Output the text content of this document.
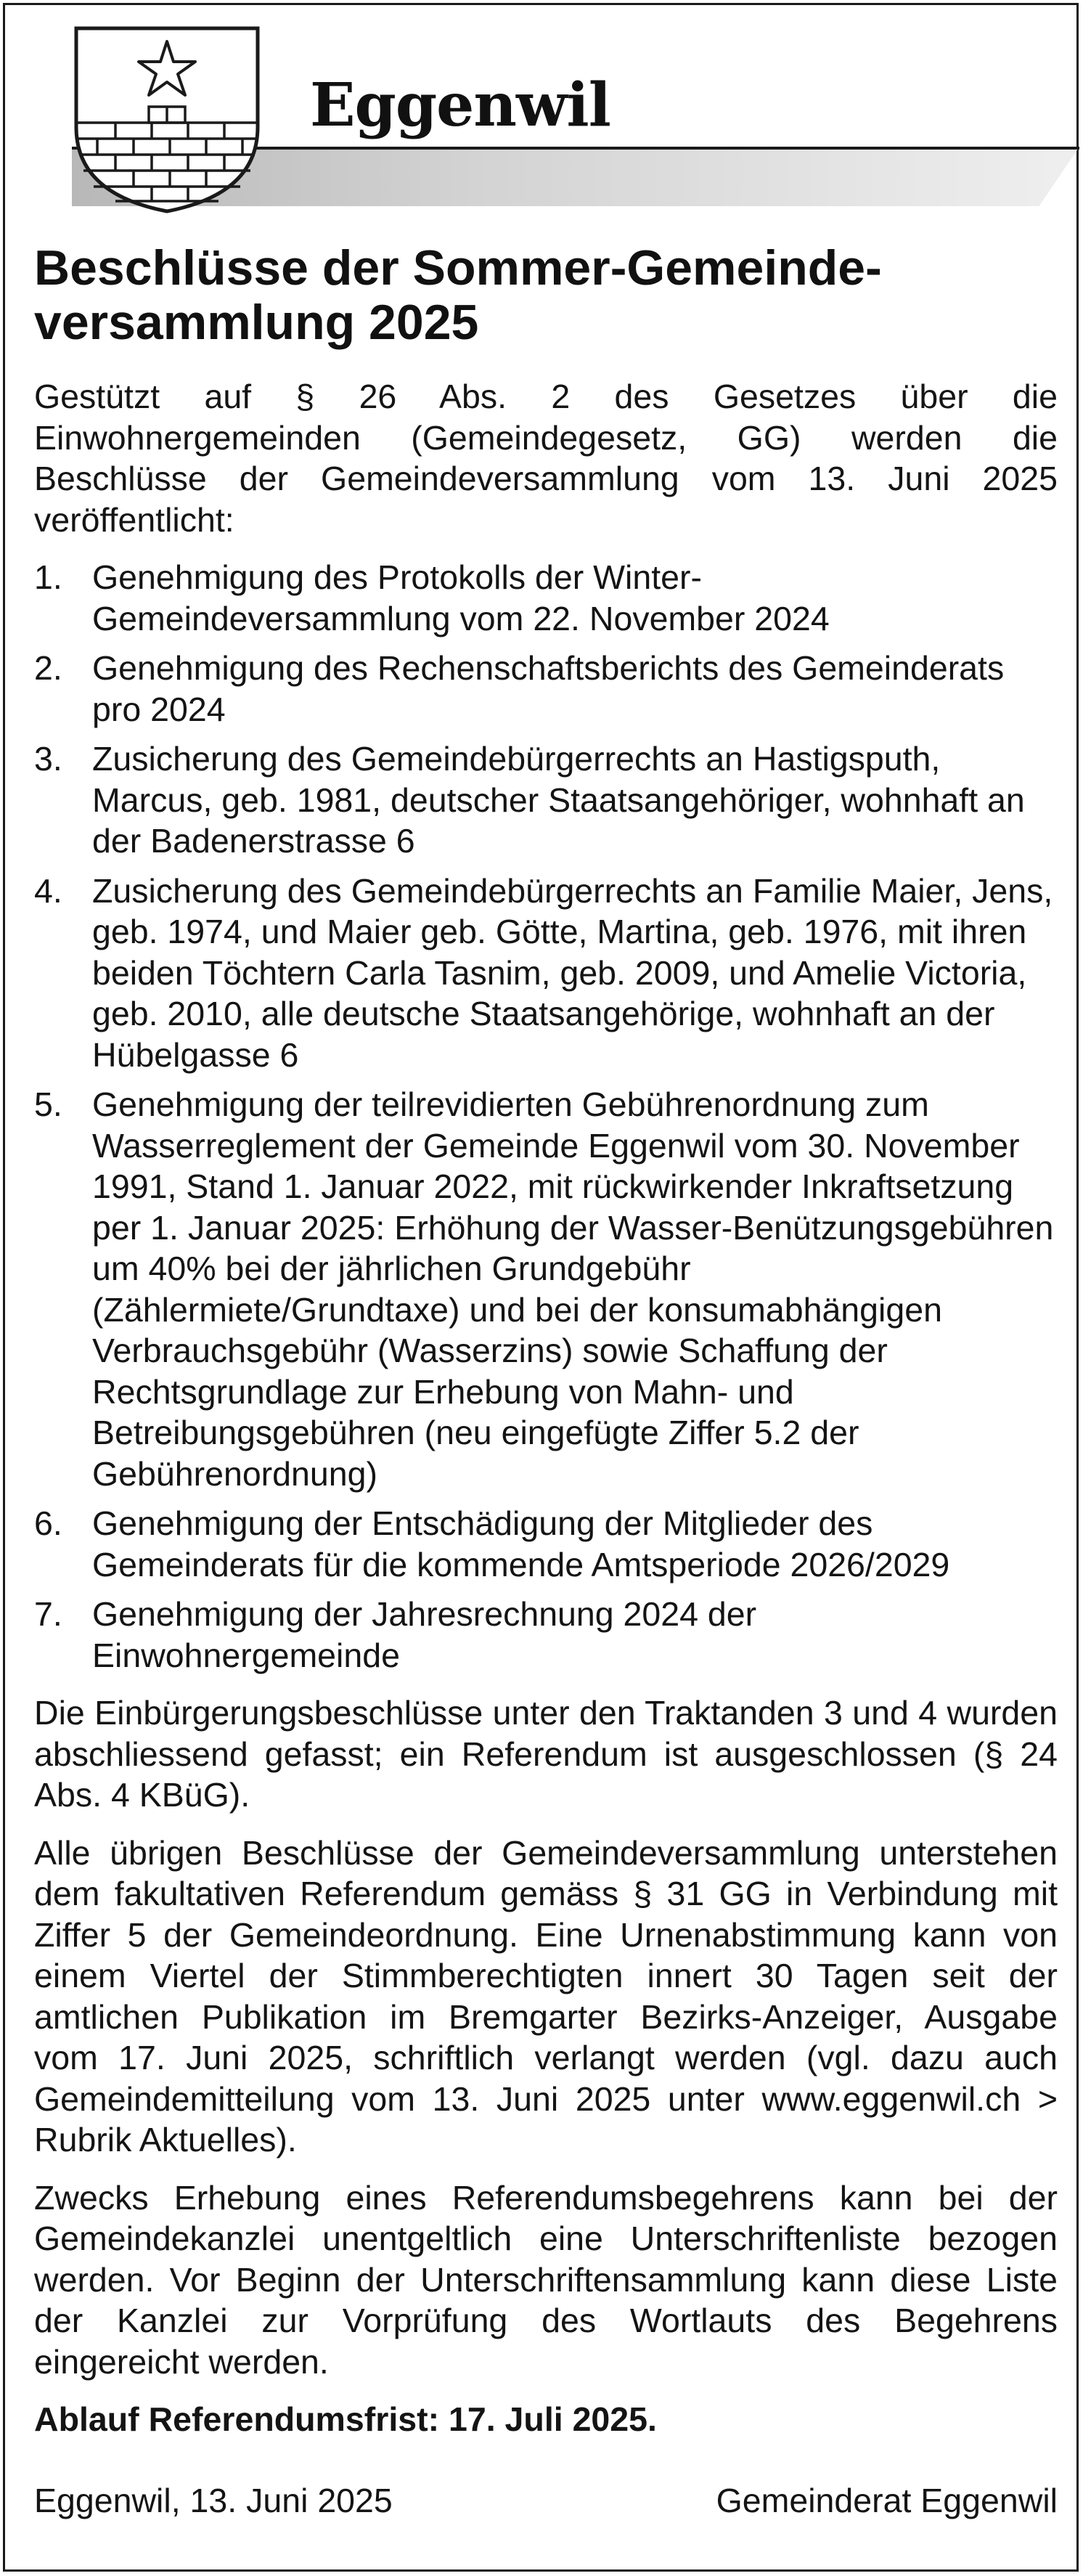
Eggenwil
Beschlüsse der Sommer-Gemeinde-
versammlung 2025

Gestützt auf § 26 Abs. 2 des Gesetzes über die Einwohnergemeinden (Gemeindegesetz, GG) werden die Beschlüsse der Gemeindeversammlung vom 13. Juni 2025 veröffentlicht:

1. Genehmigung des Protokolls der Winter-Gemeindeversammlung vom 22. November 2024
2. Genehmigung des Rechenschaftsberichts des Gemeinderats pro 2024
3. Zusicherung des Gemeindebürgerrechts an Hastigsputh, Marcus, geb. 1981, deutscher Staatsangehöriger, wohnhaft an der Badenerstrasse 6
4. Zusicherung des Gemeindebürgerrechts an Familie Maier, Jens, geb. 1974, und Maier geb. Götte, Martina, geb. 1976, mit ihren beiden Töchtern Carla Tasnim, geb. 2009, und Amelie Victoria, geb. 2010, alle deutsche Staatsangehörige, wohnhaft an der Hübelgasse 6
5. Genehmigung der teilrevidierten Gebührenordnung zum Wasserreglement der Gemeinde Eggenwil vom 30. November 1991, Stand 1. Januar 2022, mit rückwirkender Inkraftsetzung per 1. Januar 2025: Erhöhung der Wasser-Benützungsgebühren um 40% bei der jährlichen Grundgebühr (Zählermiete/Grundtaxe) und bei der konsumabhängigen Verbrauchsgebühr (Wasserzins) sowie Schaffung der Rechtsgrundlage zur Erhebung von Mahn- und Betreibungsgebühren (neu eingefügte Ziffer 5.2 der Gebührenordnung)
6. Genehmigung der Entschädigung der Mitglieder des Gemeinderats für die kommende Amtsperiode 2026/2029
7. Genehmigung der Jahresrechnung 2024 der Einwohnergemeinde

Die Einbürgerungsbeschlüsse unter den Traktanden 3 und 4 wurden abschliessend gefasst; ein Referendum ist ausgeschlossen (§ 24 Abs. 4 KBüG).

Alle übrigen Beschlüsse der Gemeindeversammlung unterstehen dem fakultativen Referendum gemäss § 31 GG in Verbindung mit Ziffer 5 der Gemeindeordnung. Eine Urnenabstimmung kann von einem Viertel der Stimmberechtigten innert 30 Tagen seit der amtlichen Publikation im Bremgarter Bezirks-Anzeiger, Ausgabe vom 17. Juni 2025, schriftlich verlangt werden (vgl. dazu auch Gemeindemitteilung vom 13. Juni 2025 unter www.eggenwil.ch > Rubrik Aktuelles).

Zwecks Erhebung eines Referendumsbegehrens kann bei der Gemeindekanzlei unentgeltlich eine Unterschriftenliste bezogen werden. Vor Beginn der Unterschriftensammlung kann diese Liste der Kanzlei zur Vorprüfung des Wortlauts des Begehrens eingereicht werden.

Ablauf Referendumsfrist: 17. Juli 2025.

Eggenwil, 13. Juni 2025	Gemeinderat Eggenwil
